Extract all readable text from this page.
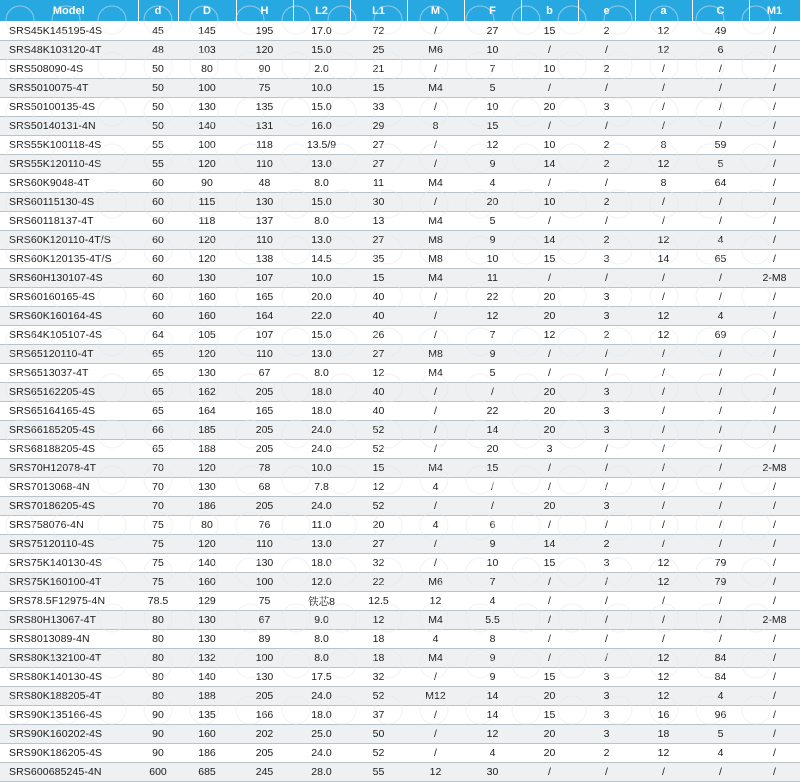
Model	d	D	H	L2	L1	M	F	b	e	a	C	M1
SRS45K145195-4S	45	145	195	17.0	72	/	27	15	2	12	49	/
SRS48K103120-4T	48	103	120	15.0	25	M6	10	/	/	12	6	/
SRS508090-4S	50	80	90	2.0	21	/	7	10	2	/	/	/
SRS5010075-4T	50	100	75	10.0	15	M4	5	/	/	/	/	/
SRS50100135-4S	50	130	135	15.0	33	/	10	20	3	/	/	/
SRS50140131-4N	50	140	131	16.0	29	8	15	/	/	/	/	/
SRS55K100118-4S	55	100	118	13.5/9	27	/	12	10	2	8	59	/
SRS55K120110-4S	55	120	110	13.0	27	/	9	14	2	12	5	/
SRS60K9048-4T	60	90	48	8.0	11	M4	4	/	/	8	64	/
SRS60115130-4S	60	115	130	15.0	30	/	20	10	2	/	/	/
SRS60118137-4T	60	118	137	8.0	13	M4	5	/	/	/	/	/
SRS60K120110-4T/S	60	120	110	13.0	27	M8	9	14	2	12	4	/
SRS60K120135-4T/S	60	120	138	14.5	35	M8	10	15	3	14	65	/
SRS60H130107-4S	60	130	107	10.0	15	M4	11	/	/	/	/	2-M8
SRS60160165-4S	60	160	165	20.0	40	/	22	20	3	/	/	/
SRS60K160164-4S	60	160	164	22.0	40	/	12	20	3	12	4	/
SRS64K105107-4S	64	105	107	15.0	26	/	7	12	2	12	69	/
SRS65120110-4T	65	120	110	13.0	27	M8	9	/	/	/	/	/
SRS6513037-4T	65	130	67	8.0	12	M4	5	/	/	/	/	/
SRS65162205-4S	65	162	205	18.0	40	/	/	20	3	/	/	/
SRS65164165-4S	65	164	165	18.0	40	/	22	20	3	/	/	/
SRS66185205-4S	66	185	205	24.0	52	/	14	20	3	/	/	/
SRS68188205-4S	65	188	205	24.0	52	/	20	3	/	/	/	/
SRS70H12078-4T	70	120	78	10.0	15	M4	15	/	/	/	/	2-M8
SRS7013068-4N	70	130	68	7.8	12	4	/	/	/	/	/	/
SRS70186205-4S	70	186	205	24.0	52	/	/	20	3	/	/	/
SRS758076-4N	75	80	76	11.0	20	4	6	/	/	/	/	/
SRS75120110-4S	75	120	110	13.0	27	/	9	14	2	/	/	/
SRS75K140130-4S	75	140	130	18.0	32	/	10	15	3	12	79	/
SRS75K160100-4T	75	160	100	12.0	22	M6	7	/	/	12	79	/
SRS78.5F12975-4N	78.5	129	75	铁芯8	12.5	12	4	/	/	/	/	/
SRS80H13067-4T	80	130	67	9.0	12	M4	5.5	/	/	/	/	2-M8
SRS8013089-4N	80	130	89	8.0	18	4	8	/	/	/	/	/
SRS80K132100-4T	80	132	100	8.0	18	M4	9	/	/	12	84	/
SRS80K140130-4S	80	140	130	17.5	32	/	9	15	3	12	84	/
SRS80K188205-4T	80	188	205	24.0	52	M12	14	20	3	12	4	/
SRS90K135166-4S	90	135	166	18.0	37	/	14	15	3	16	96	/
SRS90K160202-4S	90	160	202	25.0	50	/	12	20	3	18	5	/
SRS90K186205-4S	90	186	205	24.0	52	/	4	20	2	12	4	/
SRS600685245-4N	600	685	245	28.0	55	12	30	/	/	/	/	/
